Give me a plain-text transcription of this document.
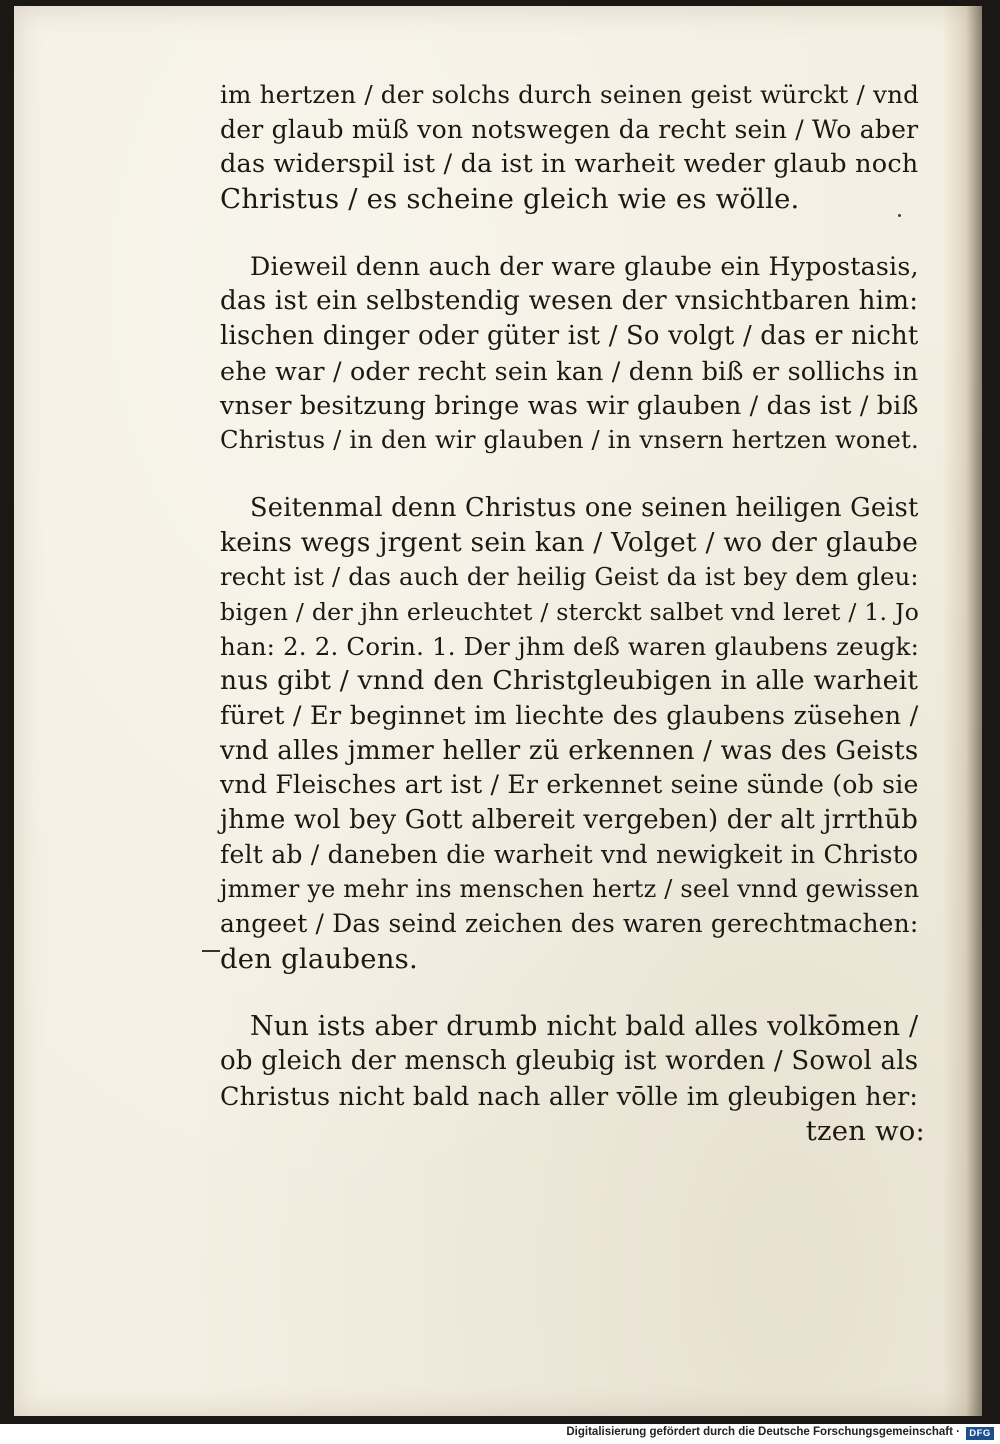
im hertzen / der solchs durch seinen geist würckt / vnd
der glaub müß von notswegen da recht sein / Wo aber
das widerspil ist / da ist in warheit weder glaub noch
Christus / es scheine gleich wie es wölle.
Dieweil denn auch der ware glaube ein Hypostasis,
das ist ein selbstendig wesen der vnsichtbaren him:
lischen dinger oder güter ist / So volgt / das er nicht
ehe war / oder recht sein kan / denn biß er sollichs in
vnser besitzung bringe was wir glauben / das ist / biß
Christus / in den wir glauben / in vnsern hertzen wonet.
Seitenmal denn Christus one seinen heiligen Geist
keins wegs jrgent sein kan / Volget / wo der glaube
recht ist / das auch der heilig Geist da ist bey dem gleu:
bigen / der jhn erleuchtet / sterckt salbet vnd leret / 1. Jo
han: 2. 2. Corin. 1. Der jhm deß waren glaubens zeugk:
nus gibt / vnnd den Christgleubigen in alle warheit
füret / Er beginnet im liechte des glaubens züsehen /
vnd alles jmmer heller zü erkennen / was des Geists
vnd Fleisches art ist / Er erkennet seine sünde (ob sie
jhme wol bey Gott albereit vergeben) der alt jrrthūb
felt ab / daneben die warheit vnd newigkeit in Christo
jmmer ye mehr ins menschen hertz / seel vnnd gewissen
angeet / Das seind zeichen des waren gerechtmachen:
den glaubens.
Nun ists aber drumb nicht bald alles volkōmen /
ob gleich der mensch gleubig ist worden / Sowol als
Christus nicht bald nach aller vōlle im gleubigen her:
tzen wo:
Digitalisierung gefördert durch die Deutsche Forschungsgemeinschaft · DFG
